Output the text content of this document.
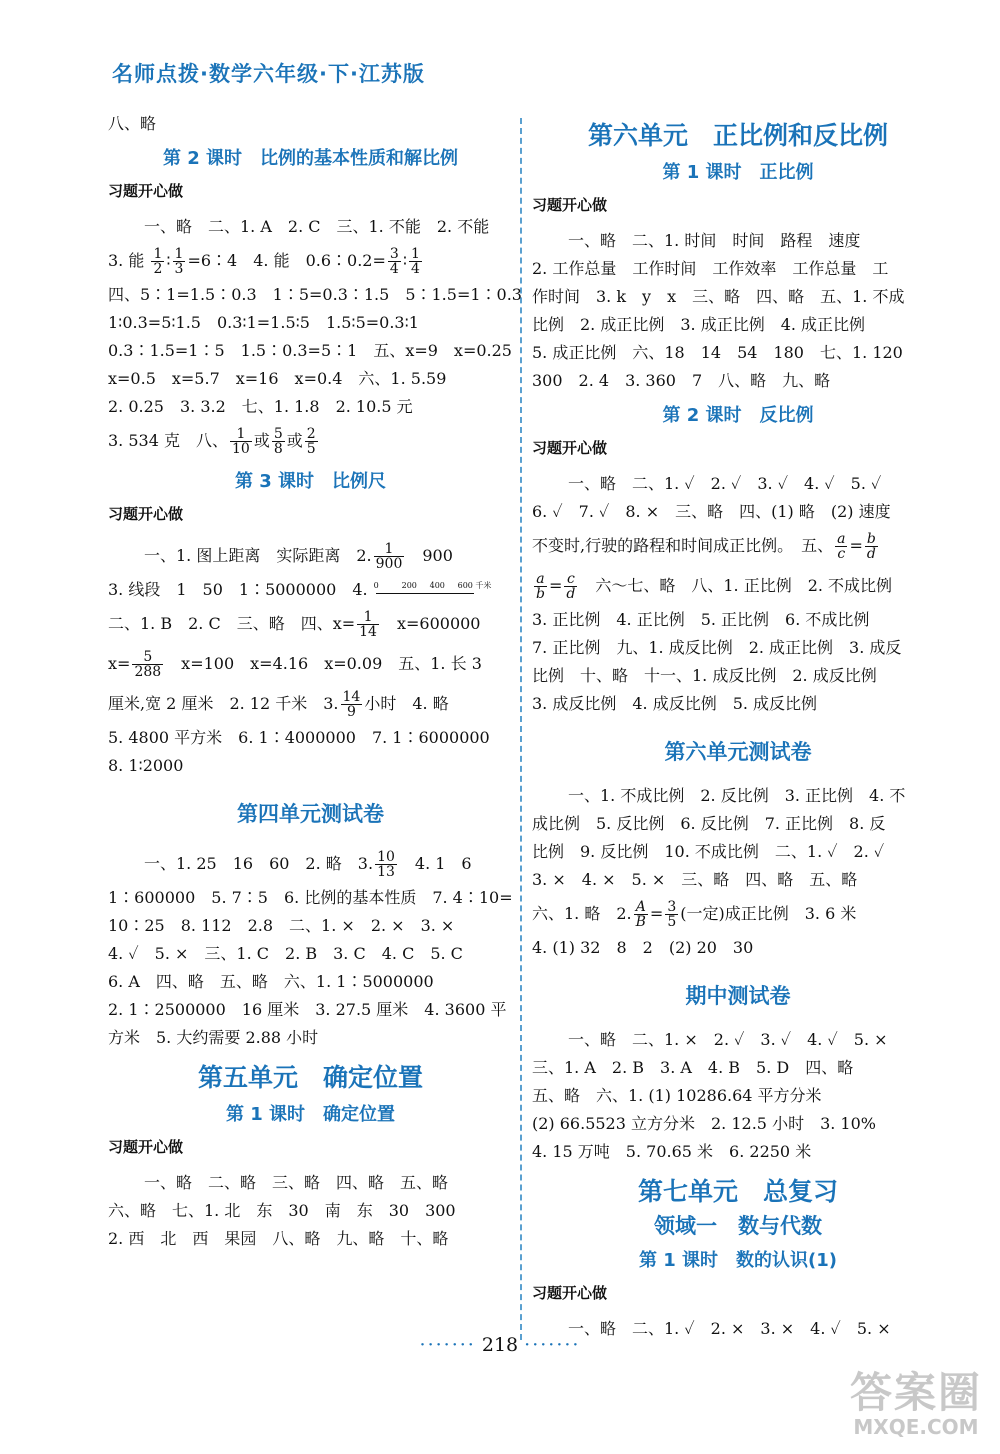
名师点拨·数学六年级·下·江苏版
八、略
第 2 课时　比例的基本性质和解比例
习题开心做
一、略　二、1. A　2. C　三、1. 不能　2. 不能
3. 能 $\frac{1}{2}$ ∶ $\frac{1}{3}$ =6∶4　4. 能　0.6∶0.2= $\frac{3}{4}$ ∶ $\frac{1}{4}$
四、5∶1=1.5∶0.3　1∶5=0.3∶1.5　5∶1.5=1∶0.3
1∶0.3=5∶1.5　0.3∶1=1.5∶5　1.5∶5=0.3∶1
0.3∶1.5=1∶5　1.5∶0.3=5∶1　五、x=9　x=0.25
x=0.5　x=5.7　x=16　x=0.4　六、1. 5.59
2. 0.25　3. 3.2　七、1. 1.8　2. 10.5 元
3. 534 克　八、 $\frac{1}{10}$ 或 $\frac{5}{8}$ 或 $\frac{2}{5}$
第 3 课时　比例尺
习题开心做
一、1. 图上距离　实际距离　2. $\frac{1}{900}$ 　900
3. 线段　1　50　1∶5000000　4. 0	200 400 600 千米
二、1. B　2. C　三、略　四、$x= \frac{1}{14}$ 　x=600000
$x= \frac{5}{288}$ 　x=100　x=4.16　x=0.09　五、1. 长 3
厘米,宽 2 厘米　2. 12 千米　3. $\frac{14}{9}$ 小时　4. 略
5. 4800 平方米　6. 1∶4000000　7. 1∶6000000
8. 1∶2000
第四单元测试卷
一、1. 25　16　60　2. 略　3. $\frac{10}{13}$ 　4. 1　6
1∶600000　5. 7∶5　6. 比例的基本性质　7. 4∶10=
10∶25　8. 112　2.8　二、1. ×　2. ×　3. ×
4. ✓　5. ×　三、1. C　2. B　3. C　4. C　5. C
6. A　四、略　五、略　六、1. 1∶5000000
2. 1∶2500000　16 厘米　3. 27.5 厘米　4. 3600 平
方米　5. 大约需要 2.88 小时
第五单元　确定位置
第 1 课时　确定位置
习题开心做
一、略　二、略　三、略　四、略　五、略
六、略　七、1. 北　东　30　南　东　30　300
2. 西　北　西　果园　八、略　九、略　十、略
第六单元　正比例和反比例
第 1 课时　正比例
习题开心做
一、略　二、1. 时间　时间　路程　速度
2. 工作总量　工作时间　工作效率　工作总量　工
作时间　3. k　y　x　三、略　四、略　五、1. 不成
比例　2. 成正比例　3. 成正比例　4. 成正比例
5. 成正比例　六、18　14　54　180　七、1. 120
300　2. 4　3. 360　7　八、略　九、略
第 2 课时　反比例
习题开心做
一、略　二、1. ✓　2. ✓　3. ✓　4. ✓　5. ✓
6. ✓　7. ✓　8. ×　三、略　四、(1) 略　(2) 速度
不变时,行驶的路程和时间成正比例。　五、 $\frac{a}{c} = \frac{b}{d}$
$\frac{a}{b} = \frac{c}{d}$ 　六～七、略　八、1. 正比例　2. 不成比例
3. 正比例　4. 正比例　5. 正比例　6. 不成比例
7. 正比例　九、1. 成反比例　2. 成正比例　3. 成反
比例　十、略　十一、1. 成反比例　2. 成反比例
3. 成反比例　4. 成反比例　5. 成反比例
第六单元测试卷
一、1. 不成比例　2. 反比例　3. 正比例　4. 不
成比例　5. 反比例　6. 反比例　7. 正比例　8. 反
比例　9. 反比例　10. 不成比例　二、1. ✓　2. ✓
3. ×　4. ×　5. ×　三、略　四、略　五、略
六、1. 略　2. $\frac{A}{B} = \frac{3}{5}$ (一定)成正比例　3. 6 米
4. (1) 32　8　2　(2) 20　30
期中测试卷
一、略　二、1. ×　2. ✓　3. ✓　4. ✓　5. ×
三、1. A　2. B　3. A　4. B　5. D　四、略
五、略　六、1. (1) 10286.64 平方分米
(2) 66.5523 立方分米　2. 12.5 小时　3. 10%
4. 15 万吨　5. 70.65 米　6. 2250 米
第七单元　总复习
领域一　数与代数
第 1 课时　数的认识(1)
习题开心做
一、略　二、1. ✓　2. ×　3. ×　4. ✓　5. ×
······· 218 ·······
答案圈
MXQE.COM
